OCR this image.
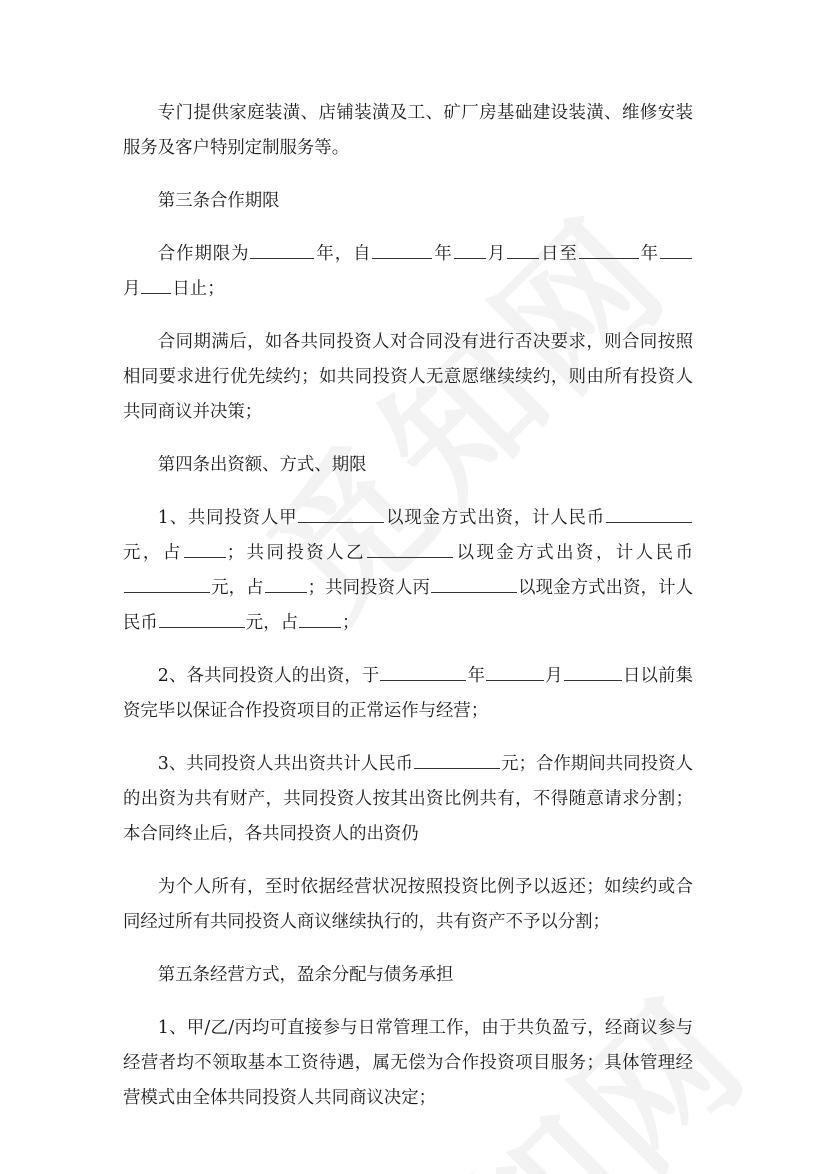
专门提供家庭装潢、店铺装潢及工、矿厂房基础建设装潢、维修安装服务及客户特别定制服务等。

第三条合作期限

合作期限为	年，自	年 月 日至	年月 日止；

合同期满后，如各共同投资人对合同没有进行否决要求，则合同按照相同要求进行优先续约；如共同投资人无意愿继续续约，则由所有投资人共同商议并决策；

第四条出资额、方式、期限

1、共同投资人甲	以现金方式出资，计人民币元，占	；共同投资人乙	以现金方式出资，计人民币元，占	；共同投资人丙	以现金方式出资，计人民币	元，占	；

2、各共同投资人的出资，于	年	月	日以前集资完毕以保证合作投资项目的正常运作与经营；

3、共同投资人共出资共计人民币	元；合作期间共同投资人的出资为共有财产，共同投资人按其出资比例共有，不得随意请求分割；本合同终止后，各共同投资人的出资仍

为个人所有，至时依据经营状况按照投资比例予以返还；如续约或合同经过所有共同投资人商议继续执行的，共有资产不予以分割；

第五条经营方式，盈余分配与债务承担

1、甲/乙/丙均可直接参与日常管理工作，由于共负盈亏，经商议参与经营者均不领取基本工资待遇，属无偿为合作投资项目服务；具体管理经营模式由全体共同投资人共同商议决定；
